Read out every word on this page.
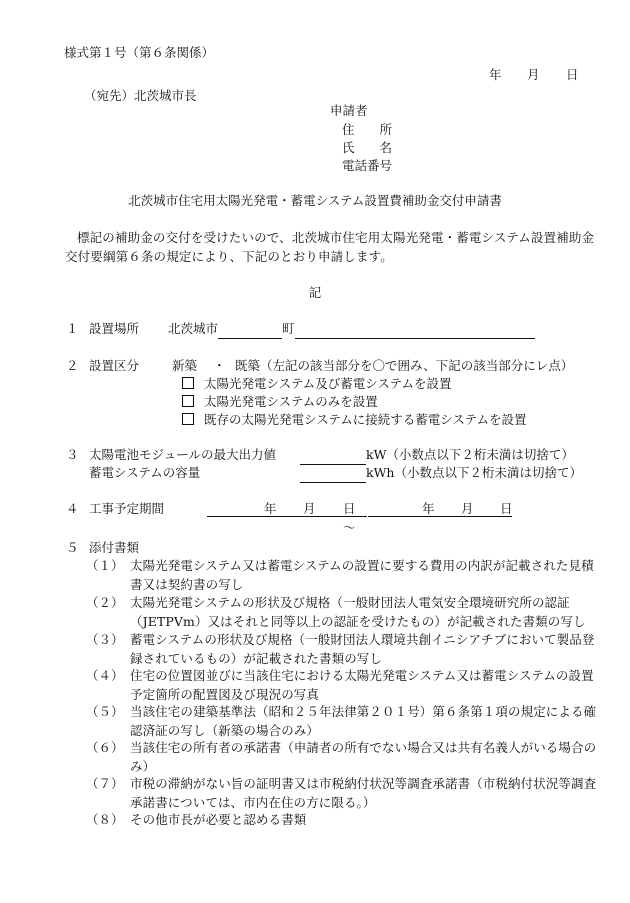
様式第１号（第６条関係）
年 月 日
（宛先）北茨城市長
申請者
住　　所
氏　　名
電話番号
北茨城市住宅用太陽光発電・蓄電システム設置費補助金交付申請書
標記の補助金の交付を受けたいので、北茨城市住宅用太陽光発電・蓄電システム設置補助金交付要綱第６条の規定により、下記のとおり申請します。
記
１ 設置場所 北茨城市	町
２ 設置区分	新築 ・ 既築（左記の該当部分を〇で囲み、下記の該当部分にレ点）
太陽光発電システム及び蓄電システムを設置
太陽光発電システムのみを設置
既存の太陽光発電システムに接続する蓄電システムを設置
３ 太陽電池モジュールの最大出力値	kW（小数点以下２桁未満は切捨て）
蓄電システムの容量	kWh（小数点以下２桁未満は切捨て）
４ 工事予定期間	年 月 日～
年 月 日
５ 添付書類
（１） 太陽光発電システム又は蓄電システムの設置に要する費用の内訳が記載された見積書又は契約書の写し
（２） 太陽光発電システムの形状及び規格（一般財団法人電気安全環境研究所の認証（JETPVm）又はそれと同等以上の認証を受けたもの）が記載された書類の写し
（３） 蓄電システムの形状及び規格（一般財団法人環境共創イニシアチブにおいて製品登録されているもの）が記載された書類の写し
（４） 住宅の位置図並びに当該住宅における太陽光発電システム又は蓄電システムの設置予定箇所の配置図及び現況の写真
（５） 当該住宅の建築基準法（昭和２５年法律第２０１号）第６条第１項の規定による確認済証の写し（新築の場合のみ）
（６） 当該住宅の所有者の承諾書（申請者の所有でない場合又は共有名義人がいる場合のみ）
（７） 市税の滞納がない旨の証明書又は市税納付状況等調査承諾書（市税納付状況等調査承諾書については、市内在住の方に限る。）
（８） その他市長が必要と認める書類
